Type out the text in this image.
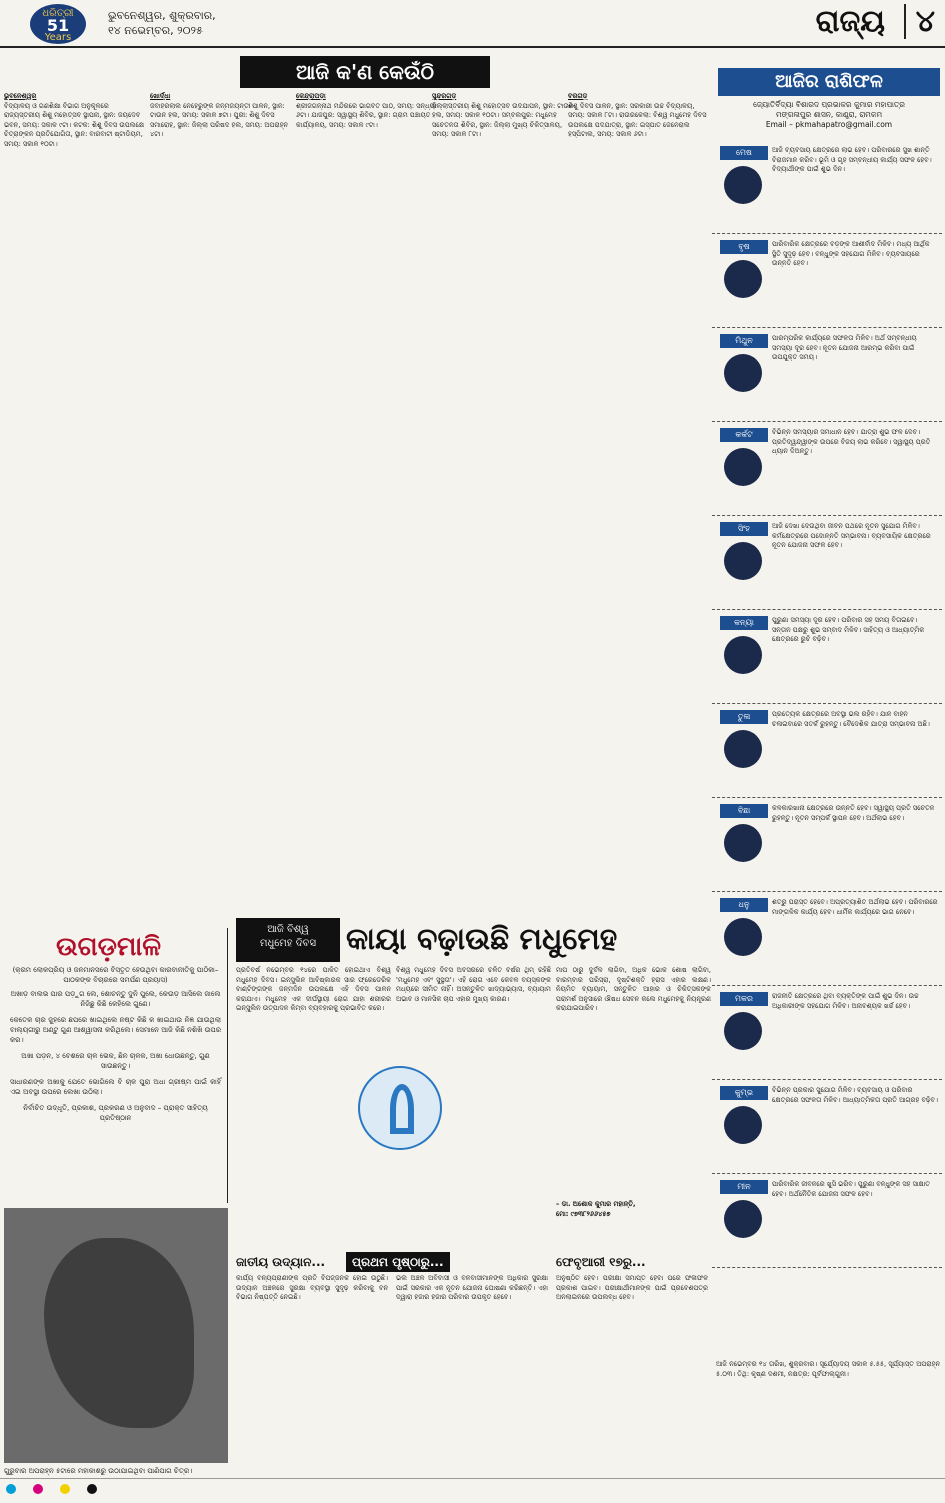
ଧରିତ୍ରୀ
51
Years
ଭୁବନେଶ୍ୱର, ଶୁକ୍ରବାର,
୧୪ ନଭେମ୍ବର, ୨୦୨୫	ରାଜ୍ୟ	୪
ଆଜି କ'ଣ କେଉଁଠି
ଭୁବନେଶ୍ୱର
ବିଦ୍ୟାଳୟ ଓ ଗଣଶିକ୍ଷା ବିଭାଗ ଅନୁକୂଳରେ ରାଜ୍ୟସ୍ତରୀୟ ଶିଶୁ ମହୋତ୍ସବ ସ୍ଥାପନା, ସ୍ଥାନ: ଜୟଦେବ ଭବନ, ସମୟ: ସକାଳ ୯ଟା। କଟକ: ଶିଶୁ ଦିବସ ଉପଲକ୍ଷେ ଚିତ୍ରାଙ୍କନ ପ୍ରତିଯୋଗିତା, ସ୍ଥାନ: ବାରବାଟୀ ଷ୍ଟାଡିୟମ, ସମୟ: ସକାଳ ୧୦ଟା।
ଖୋର୍ଦ୍ଧା
ଜବାହରଲାଲ ନେହେରୁଙ୍କ ଜନ୍ମଜୟନ୍ତୀ ପାଳନ, ସ୍ଥାନ: ଟାଉନ ହଲ, ସମୟ: ସକାଳ ୭ଟା। ପୁରୀ: ଶିଶୁ ଦିବସ ସମାରୋହ, ସ୍ଥାନ: ଜିଲ୍ଲା ପରିଷଦ ହଲ, ସମୟ: ଅପରାହ୍ନ ୪ଟା।
କେନ୍ଦ୍ରାପଡ଼ା
ଶ୍ରୀଜଗନ୍ନାଥ ମନ୍ଦିରରେ ଭାଗବତ ପାଠ, ସମୟ: ସନ୍ଧ୍ୟା ୬ଟା। ଯାଜପୁର: ସ୍ୱାସ୍ଥ୍ୟ ଶିବିର, ସ୍ଥାନ: ଗ୍ରାମ ପଞ୍ଚାୟତ କାର୍ଯ୍ୟାଳୟ, ସମୟ: ସକାଳ ୯ଟା।
ସୁନ୍ଦରଗଡ଼
ଜିଲ୍ଲାସ୍ତରୀୟ ଶିଶୁ ମହୋତ୍ସବ ଉଦଯାପନ, ସ୍ଥାନ: ଟାଉନ ହଲ, ସମୟ: ସକାଳ ୧୦ଟା। ସମ୍ବଲପୁର: ମଧୁମେହ ସଚେତନତା ଶିବିର, ସ୍ଥାନ: ଜିଲ୍ଲା ମୁଖ୍ୟ ଚିକିତ୍ସାଳୟ, ସମୟ: ସକାଳ ୮ଟା।
ବରଗଡ଼
ଶିଶୁ ଦିବସ ପାଳନ, ସ୍ଥାନ: ସରକାରୀ ଉଚ୍ଚ ବିଦ୍ୟାଳୟ, ସମୟ: ସକାଳ ୮ଟା। ରାଉରକେଲା: ବିଶ୍ୱ ମଧୁମେହ ଦିବସ ଉପଲକ୍ଷେ ପଦଯାତ୍ରା, ସ୍ଥାନ: ଇସ୍ପାତ ଜେନେରାଲ ହସ୍ପିଟାଲ, ସମୟ: ସକାଳ ୬ଟା।
ଆଜିର ରାଶିଫଳ
ଜ୍ୟୋତିର୍ବିଦ୍ୟା ବିଶାରଦ ପ୍ରଭାକର କୁମାର ମହାପାତ୍ର
ମଙ୍ଗଳାପୁର ଶାସନ, କାଣ୍ଡ୍ରା, ରାମକମ
Email – pkmahapatro@gmail.com
ମେଷ	ଆଜି ବ୍ୟବସାୟ କ୍ଷେତ୍ରରେ ଲାଭ ହେବ। ପରିବାରରେ ସୁଖ ଶାନ୍ତି ବିରାଜମାନ କରିବ। ଭୂମି ଓ ଗୃହ ସମ୍ବନ୍ଧୀୟ କାର୍ଯ୍ୟ ସଫଳ ହେବ। ବିଦ୍ୟାର୍ଥୀଙ୍କ ପାଇଁ ଶୁଭ ଦିନ।
ବୃଷ	ପାରିବାରିକ କ୍ଷେତ୍ରରେ ବଡ଼ଙ୍କ ଆଶୀର୍ବାଦ ମିଳିବ। ମଧ୍ୟ ଆର୍ଥିକ ସ୍ଥିତି ସୁଦୃଢ଼ ହେବ। ବନ୍ଧୁଙ୍କ ସହଯୋଗ ମିଳିବ। ବ୍ୟବସାୟରେ ଉନ୍ନତି ହେବ।
ମିଥୁନ	ପାରମ୍ପରିକ କାର୍ଯ୍ୟରେ ସଫଳତା ମିଳିବ। ଅର୍ଥ ସମ୍ବନ୍ଧୀୟ ସମସ୍ୟା ଦୂର ହେବ। ନୂତନ ଯୋଜନା ଆରମ୍ଭ କରିବା ପାଇଁ ଉପଯୁକ୍ତ ସମୟ।
କର୍କଟ	ବିଭିନ୍ନ ସମସ୍ୟାର ସମାଧାନ ହେବ। ଯାତ୍ରା ଶୁଭ ଫଳ ଦେବ। ପ୍ରତିଦ୍ୱନ୍ଦ୍ୱୀଙ୍କ ଉପରେ ବିଜୟ ଲାଭ କରିବେ। ସ୍ୱାସ୍ଥ୍ୟ ପ୍ରତି ଧ୍ୟାନ ଦିଅନ୍ତୁ।
ସିଂହ	ଆଜି ଦେଖା ଦେଉଥିବା ଜୀବନ ପଥରେ ନୂତନ ସୁଯୋଗ ମିଳିବ। କର୍ମକ୍ଷେତ୍ରରେ ପଦୋନ୍ନତି ସମ୍ଭାବନା। ବ୍ୟବସାୟିକ କ୍ଷେତ୍ରରେ ନୂତନ ଯୋଜନା ସଫଳ ହେବ।
କନ୍ୟା	ପୁରୁଣା ସମସ୍ୟା ଦୂର ହେବ। ପରିବାର ସହ ସମୟ ବିତାଇବେ। ସନ୍ତାନ ପକ୍ଷରୁ ଶୁଭ ସମ୍ବାଦ ମିଳିବ। ସାହିତ୍ୟ ଓ ଆଧ୍ୟାତ୍ମିକ କ୍ଷେତ୍ରରେ ରୁଚି ବଢ଼ିବ।
ତୁଳା	ପ୍ରତ୍ୟେକ କ୍ଷେତ୍ରରେ ଅବସ୍ଥା ଭଲ ରହିବ। ଯାନ ବାହନ ଚଳାଇବାରେ ସତର୍କ ରୁହନ୍ତୁ। ବୈଦେଶିକ ଯାତ୍ରା ସମ୍ଭାବନା ଅଛି।
ବିଛା	କଳକାରଖାନା କ୍ଷେତ୍ରରେ ଉନ୍ନତି ହେବ। ସ୍ୱାସ୍ଥ୍ୟ ପ୍ରତି ସଚେତନ ରୁହନ୍ତୁ। ନୂତନ ସମ୍ପର୍କ ସ୍ଥାପନ ହେବ। ଅର୍ଥଲାଭ ହେବ।
ଧନୁ	ଶତ୍ରୁ ପରାସ୍ତ ହେବେ। ଅପ୍ରତ୍ୟାଶିତ ଅର୍ଥଲାଭ ହେବ। ପରିବାରରେ ମାଙ୍ଗଳିକ କାର୍ଯ୍ୟ ହେବ। ଧାର୍ମିକ କାର୍ଯ୍ୟରେ ଭାଗ ନେବେ।
ମକର	ରାଜନୀତି କ୍ଷେତ୍ରରେ ଥିବା ବ୍ୟକ୍ତିଙ୍କ ପାଇଁ ଶୁଭ ଦିନ। ଉଚ୍ଚ ଅଧିକାରୀଙ୍କ ସହଯୋଗ ମିଳିବ। ଅନାବଶ୍ୟକ ଖର୍ଚ୍ଚ ହେବ।
କୁମ୍ଭ	ବିଭିନ୍ନ ପ୍ରକାର ସୁଯୋଗ ମିଳିବ। ବ୍ୟବସାୟ ଓ ପରିବାର କ୍ଷେତ୍ରରେ ସଫଳତା ମିଳିବ। ଆଧ୍ୟାତ୍ମିକତା ପ୍ରତି ଆଗ୍ରହ ବଢ଼ିବ।
ମୀନ	ପାରିବାରିକ ଜୀବନରେ ଖୁସି ଭରିବ। ପୁରୁଣା ବନ୍ଧୁଙ୍କ ସହ ସାକ୍ଷାତ ହେବ। ଅର୍ଥନୈତିକ ଯୋଜନା ସଫଳ ହେବ।
ଉଗଡ଼ମାଳି
(କ୍ରମ ଲୋକପ୍ରିୟ ଓ ଜନମାନସରେ ବିସ୍ତୃତ ହେଉଥିବା କାରବାନୀତିକୁ ପାଠିକା–ପାଠକଙ୍କ ବିଚାରରେ ସମର୍ପଣ ପ୍ରୟାସ)
ଅଖାଡ଼ ବାଲଭ ପାର ପଡ଼ୁଗ ଲେ, ଶୋଚନ୍ତୁ ଦୁନି ପୁଲେ, କେଉଡ଼ ଆସିଲେ ଜାଲେ ନିଜିଛୁ କିଛି କେହିଲେ ଗୁଣେ।
କେତେକ ଚାର ଜୁହରେ ଛପରେ ଖାଇଥିଲେ ନଷ୍ଟ କିଛି କ ଖାଇଥାଉ ନିଜ୍ଞ ଯାଉଥିଲା ବାଲ୍ୟଗୀରୁ ଅଣ୍ଟୁ ଗୁଣ ଆଶ୍ୱାସନା କରିଥିଲେ। ସେମାନେ ଆଜି କିଛି ନଶିଖି ଉପର କର।
ଅଖା ପଡ଼ନ, ୪ ବେଶରେ ଚାଳ ଭେକ, ଛିନ ଚାଳକ, ଅଖା ଧୋଉଛନ୍ତୁ, ଗୁଣ ସାଉଛନ୍ତୁ।
ସାଧାରଣଙ୍କ ଅଖାକୁ ଯେତେ ଭୋଗିଲେ ବି ଚାଳ ପୁରା ଅଧା ଗ୍ରୀଷ୍ମ ପାଇଁ କାହିଁ ଏଇ ଅବସ୍ଥା ଉପରେ ଲେଖା ଉଠିଲା।
ନିର୍ବାଚିତ ଉଦ୍ଧୃତି, ପ୍ରକାଶ, ପ୍ରକରଣ ଓ ଅନୁବାଦ – ପ୍ରାକ୍ତ ସାହିତ୍ୟ ପ୍ରତିଷ୍ଠାନ
ଗୁରୁବାର ଅପରାହ୍ନ ୫ଟାରେ ମହାକାଶରୁ ଉଠାଯାଇଥିବା ପାଣିପାଗ ଚିତ୍ର।
ଆଜି ବିଶ୍ୱ
ମଧୁମେହ ଦିବସ	କାୟା ବଢ଼ାଉଛି ମଧୁମେହ
ପ୍ରତିବର୍ଷ ନଭେମ୍ବର ୧୪ରେ ପାଳିତ ହୋଇଥାଏ ବିଶ୍ୱ ମଧୁମେହ ଦିବସ। ଇନ୍ସୁଲିନ ଆବିଷ୍କାରକ ସାର ଫ୍ରେଡେରିକ ବାଣ୍ଟିଙ୍ଗଙ୍କ ଜନ୍ମଦିନ ଉପଲକ୍ଷେ ଏହି ଦିବସ ପାଳନ କରାଯାଏ। ମଧୁମେହ ଏକ ଦୀର୍ଘସ୍ଥାୟୀ ରୋଗ ଯାହା ଶରୀରର ଇନ୍ସୁଲିନ ଉତ୍ପାଦନ କିମ୍ବା ବ୍ୟବହାରକୁ ପ୍ରଭାବିତ କରେ।
ବିଶ୍ୱ ମଧୁମେହ ଦିବସ ଅବସରରେ ଚଳିତ ବର୍ଷର ଥିମ୍ ରହିଛି 'ମଧୁମେହ ଏବଂ ସୁସ୍ଥତା'। ଏହି ରୋଗ ଏବେ କେବଳ ବୟସ୍କଙ୍କ ମଧ୍ୟରେ ସୀମିତ ନାହିଁ। ଅସନ୍ତୁଳିତ ଖାଦ୍ୟାଭ୍ୟାସ, ବ୍ୟାୟାମ ଅଭାବ ଓ ମାନସିକ ଚାପ ଏହାର ମୁଖ୍ୟ କାରଣ।
ମାପ ଠାରୁ ଦୁର୍ବଳ ଲାଗିବା, ଅଧିକ ଭୋକ ଶୋଷ ଲାଗିବା, ବାରମ୍ବାର ପରିସ୍ରା, ଦୃଷ୍ଟିଶକ୍ତି ହ୍ରାସ ଏହାର ଲକ୍ଷଣ। ନିୟମିତ ବ୍ୟାୟାମ, ସନ୍ତୁଳିତ ଆହାର ଓ ଚିକିତ୍ସକଙ୍କ ପରାମର୍ଶ ଅନୁସାରେ ଔଷଧ ସେବନ କଲେ ମଧୁମେହକୁ ନିୟନ୍ତ୍ରଣ କରାଯାଇପାରିବ।
– ଡା. ଅଶୋକ କୁମାର ମହାନ୍ତି,
ମୋ: ୯୭୩୮୨୬୬୪୫୭
ଜାତୀୟ ଉଦ୍ୟାନ...	ପ୍ରଥମ ପୃଷ୍ଠାରୁ...	ଫେବୃଆରୀ ୧୭ରୁ...
କାର୍ଯ୍ୟ ବନ୍ୟପ୍ରାଣୀଙ୍କ ପ୍ରତି ବିପଜ୍ଜନକ ହୋଇ ଉଠୁଛି। ଉଦ୍ୟାନ ଅଞ୍ଚଳରେ ସୁରକ୍ଷା ବ୍ୟବସ୍ଥା ସୁଦୃଢ଼ କରିବାକୁ ବନ ବିଭାଗ ନିଷ୍ପତ୍ତି ନେଇଛି।
ଭଲ ଅଞ୍ଚଳ ଅବିବାସୀ ଓ ବନବାସୀମାନଙ୍କ ଅଧିକାର ସୁରକ୍ଷା ପାଇଁ ସରକାର ଏକ ନୂତନ ଯୋଜନା ଘୋଷଣା କରିଛନ୍ତି। ଏହା ଦ୍ୱାରା ହଜାର ହଜାର ପରିବାର ଉପକୃତ ହେବେ।
ଅନୁଷ୍ଠିତ ହେବ। ପରୀକ୍ଷା ସମାପ୍ତ ହେବା ପରେ ଫଳାଫଳ ପ୍ରକାଶ ପାଇବ। ପରୀକ୍ଷାର୍ଥୀମାନଙ୍କ ପାଇଁ ପ୍ରବେଶପତ୍ର ଅନଲାଇନରେ ଉପଲବ୍ଧ ହେବ।
ଆଜି ନଭେମ୍ବର ୧୪ ତାରିଖ, ଶୁକ୍ରବାର। ସୂର୍ଯ୍ୟୋଦୟ ସକାଳ ୫.୫୫, ସୂର୍ଯ୍ୟାସ୍ତ ଅପରାହ୍ନ ୫.୦୩। ତିଥି: କୃଷ୍ଣ ଦଶମୀ, ନକ୍ଷତ୍ର: ପୂର୍ବଫାଲ୍ଗୁନୀ।
